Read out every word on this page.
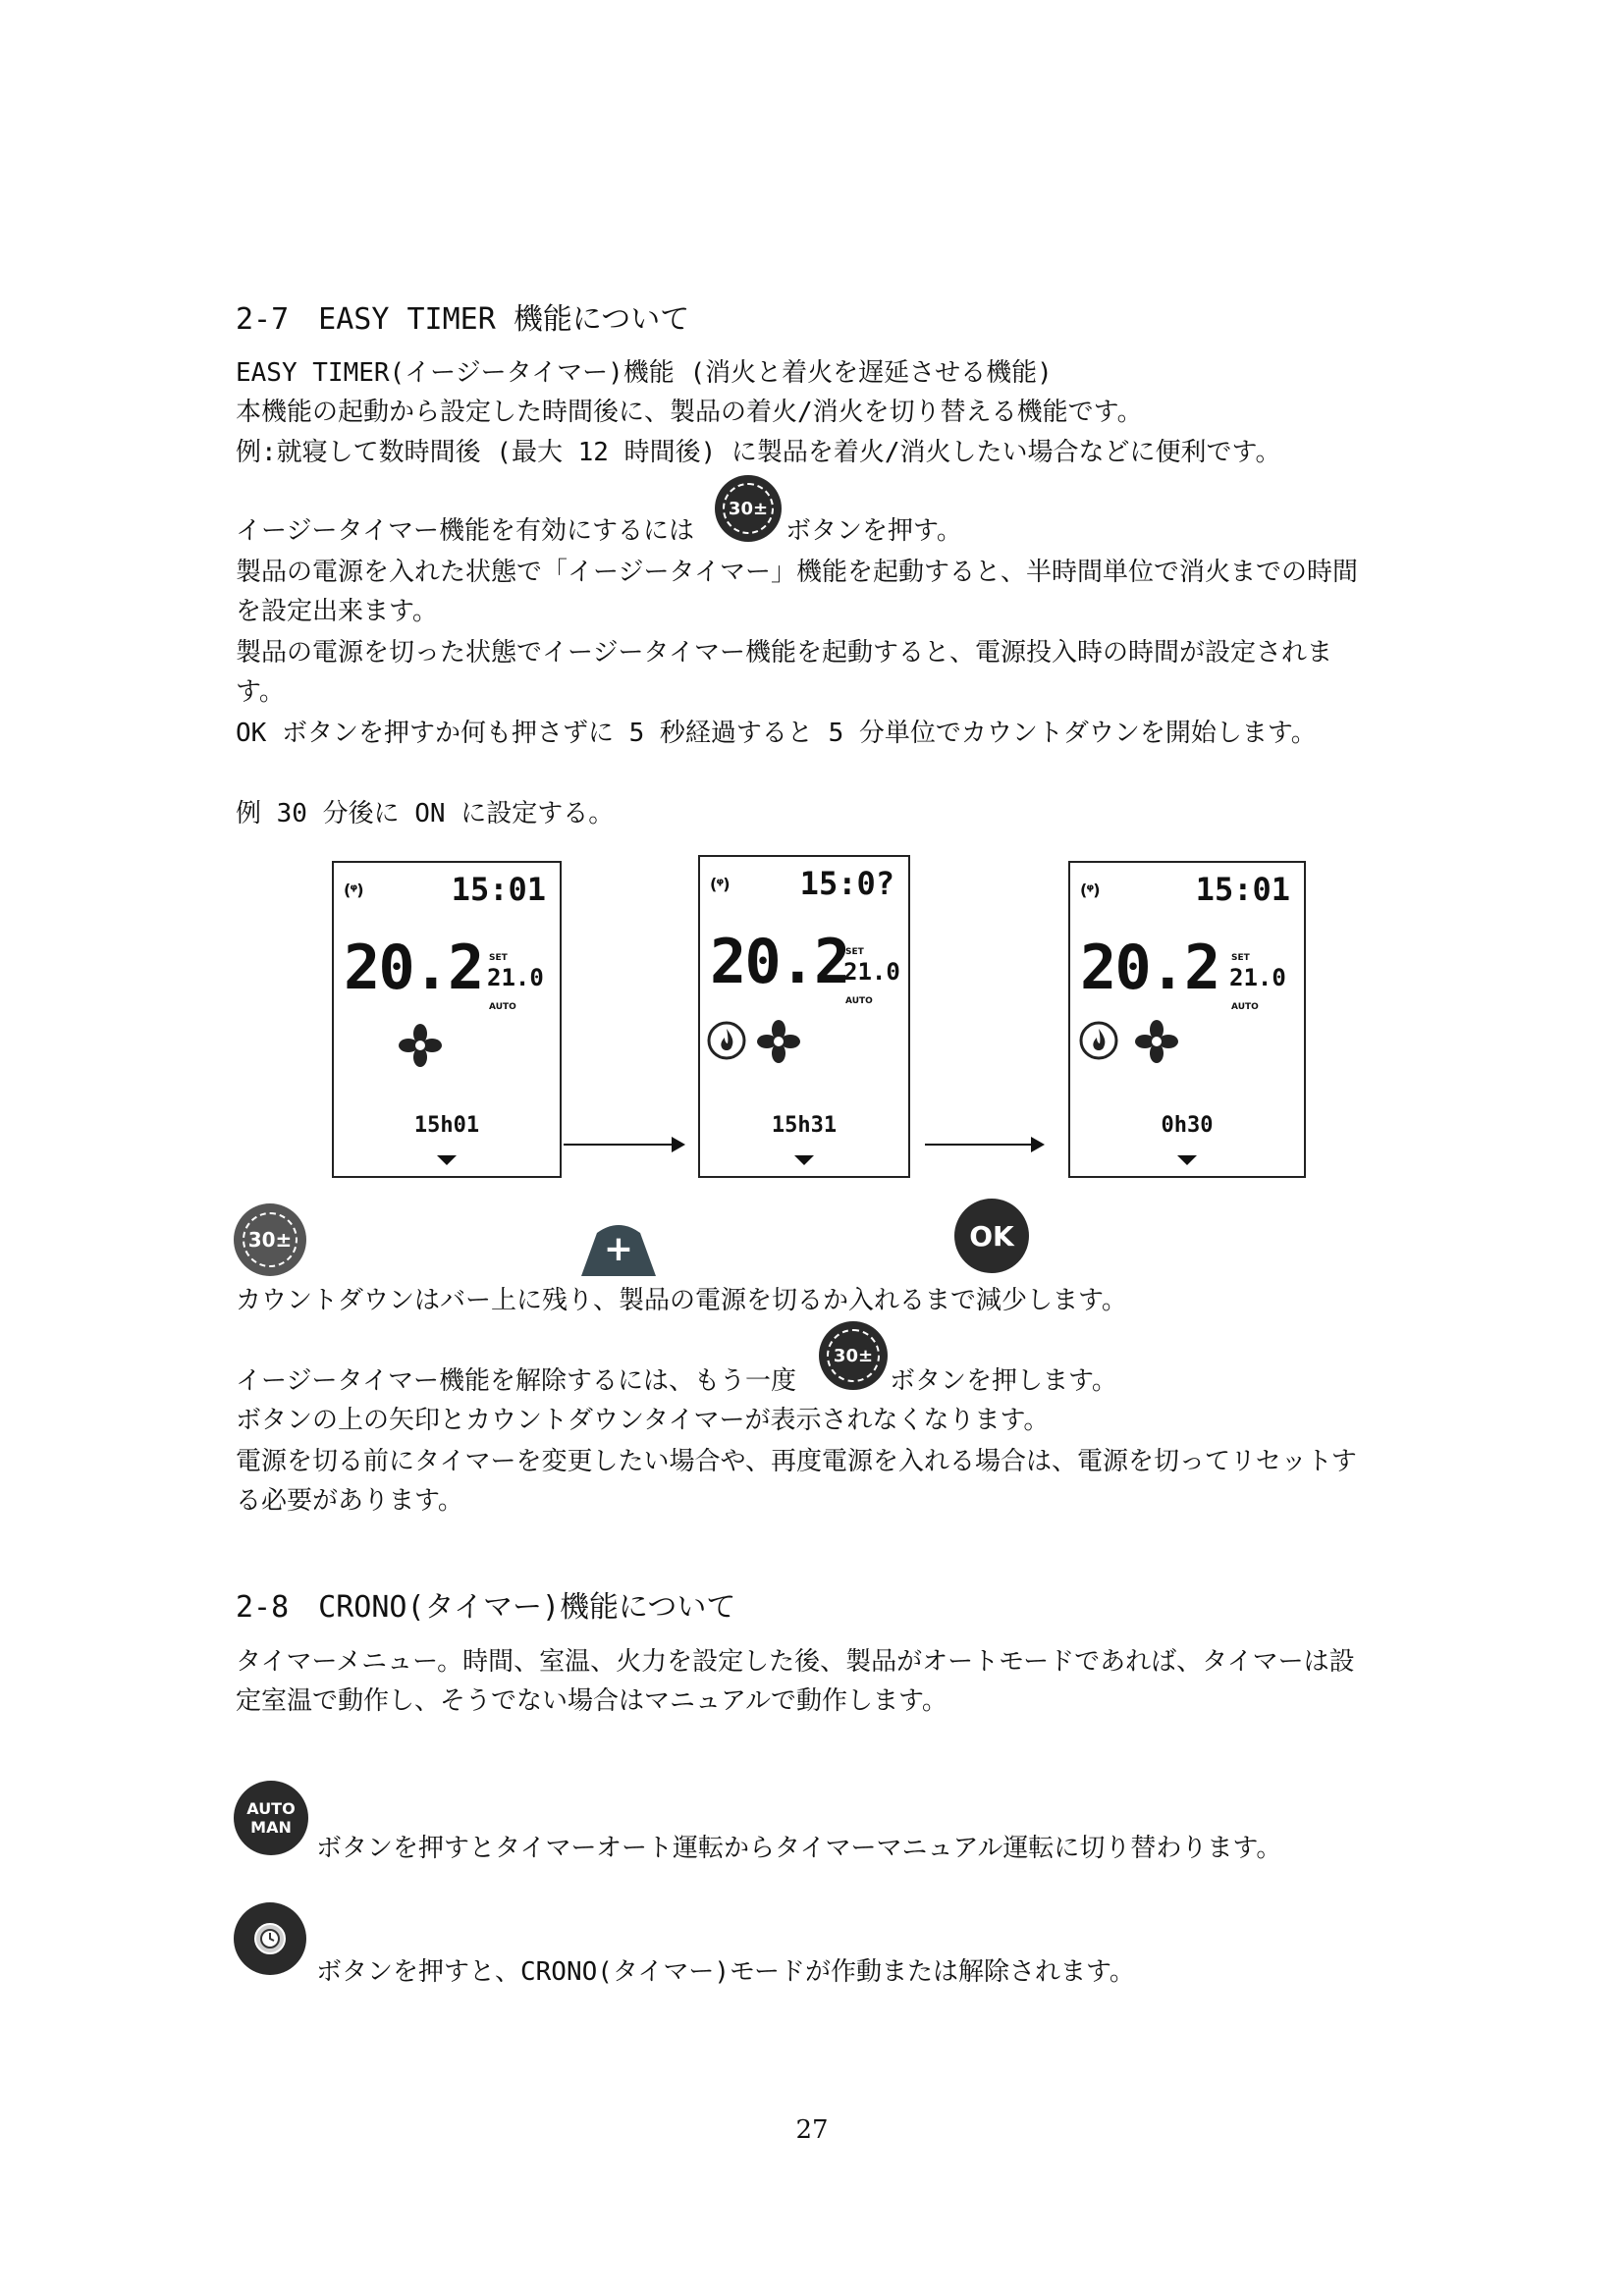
2-7　EASY TIMER 機能について
EASY TIMER(イージータイマー)機能 (消火と着火を遅延させる機能)
本機能の起動から設定した時間後に、製品の着火/消火を切り替える機能です。
例:就寝して数時間後 (最大 12 時間後) に製品を着火/消火したい場合などに便利です。
イージータイマー機能を有効にするには
30±
ボタンを押す。
製品の電源を入れた状態で「イージータイマー」機能を起動すると、半時間単位で消火までの時間
を設定出来ます。
製品の電源を切った状態でイージータイマー機能を起動すると、電源投入時の時間が設定されま
す。
OK ボタンを押すか何も押さずに 5 秒経過すると 5 分単位でカウントダウンを開始します。
例 30 分後に ON に設定する。
(ᵠ)	15:01
20.2 SET
21.0
AUTO
15h01
(ᵠ) 15:0?
20.2
SET
21.0
AUTO
15h31
(ᵠ)	15:01
20.2 SET
21.0
AUTO
0h30
30±	+	OK
カウントダウンはバー上に残り、製品の電源を切るか入れるまで減少します。
イージータイマー機能を解除するには、もう一度
30±
ボタンを押します。
ボタンの上の矢印とカウントダウンタイマーが表示されなくなります。
電源を切る前にタイマーを変更したい場合や、再度電源を入れる場合は、電源を切ってリセットす
る必要があります。
2-8　CRONO(タイマー)機能について
タイマーメニュー。時間、室温、火力を設定した後、製品がオートモードであれば、タイマーは設
定室温で動作し、そうでない場合はマニュアルで動作します。
AUTO
MAN
ボタンを押すとタイマーオート運転からタイマーマニュアル運転に切り替わります。
ボタンを押すと、CRONO(タイマー)モードが作動または解除されます。
27
